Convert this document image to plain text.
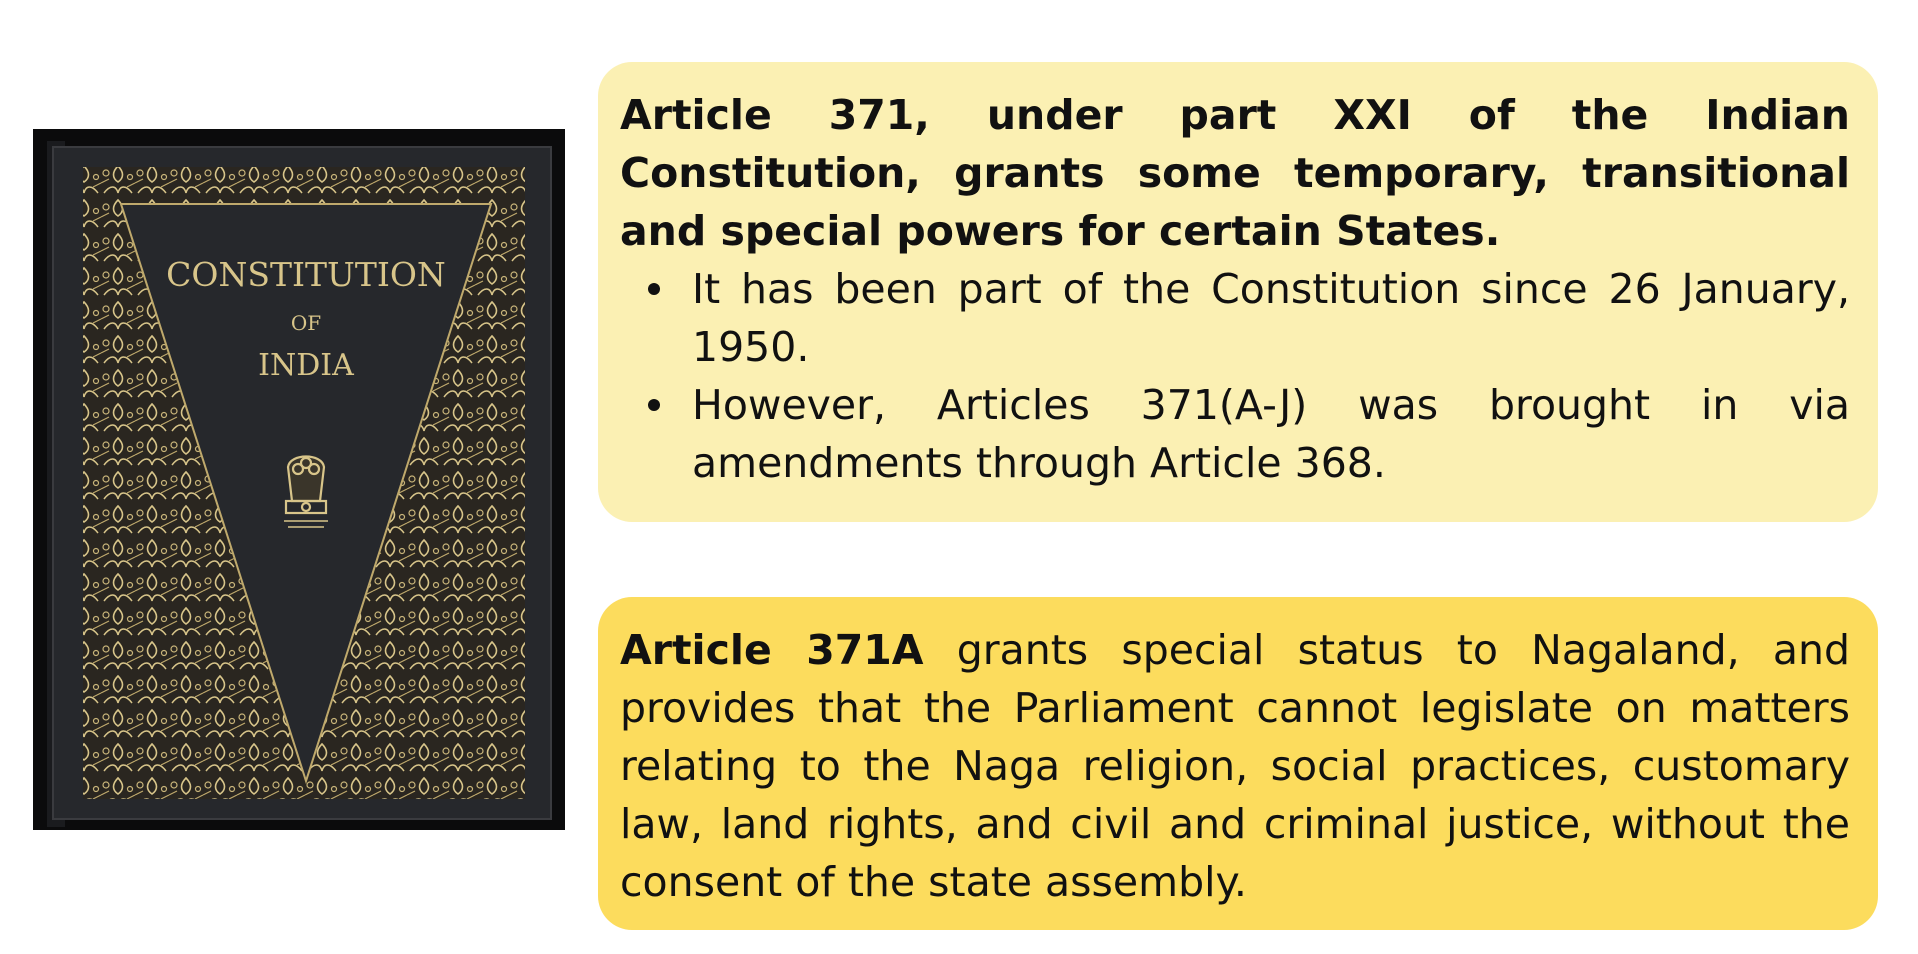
CONSTITUTION
OF
INDIA

Article 371, under part XXI of the Indian Constitution, grants some temporary, transitional and special powers for certain States.

It has been part of the Constitution since 26 January, 1950.
However, Articles 371(A-J) was brought in via amendments through Article 368.

Article 371A grants special status to Nagaland, and provides that the Parliament cannot legislate on matters relating to the Naga religion, social practices, customary law, land rights, and civil and criminal justice, without the consent of the state assembly.
